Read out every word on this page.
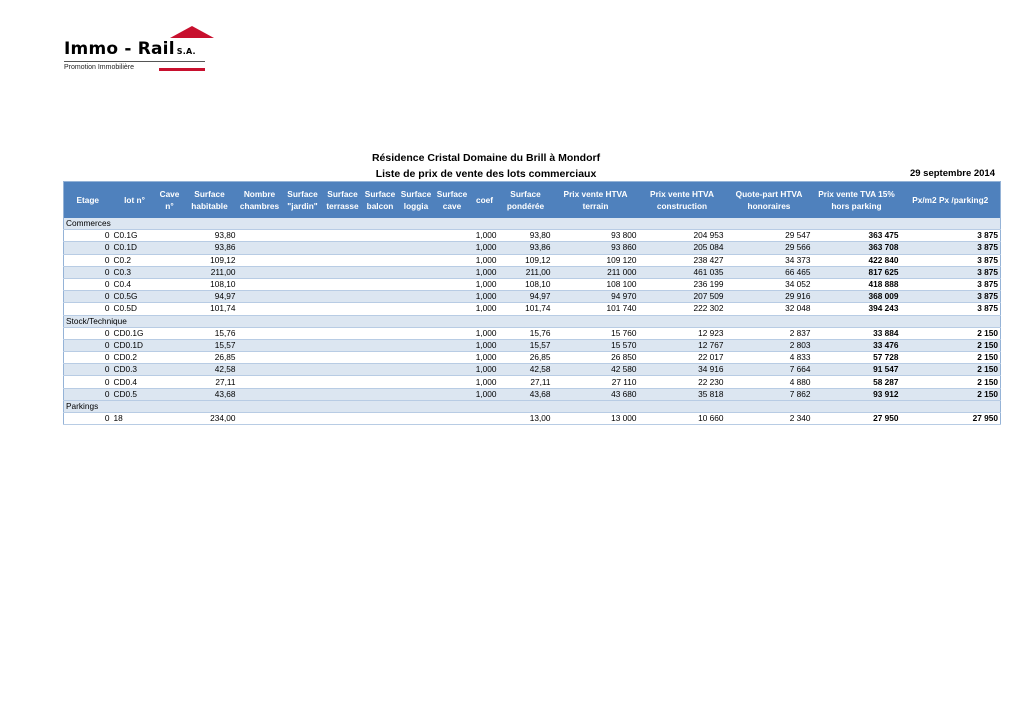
Immo - Rail S.A.
Promotion Immobilière
Résidence Cristal Domaine du Brill à Mondorf
Liste de prix de vente des lots commerciaux	29 septembre 2014
Etage	lot n°	Cave n°	Surface habitable	Nombre chambres	Surface "jardin"	Surface terrasse	Surface balcon	Surface loggia	Surface cave	coef	Surface pondérée	Prix vente HTVA terrain	Prix vente HTVA construction	Quote-part HTVA honoraires	Prix vente TVA 15% hors parking	Px/m2 Px /parking2
Commerces																
0	C0.1G		93,80							1,000	93,80	93 800	204 953	29 547	363 475	3 875
0	C0.1D		93,86							1,000	93,86	93 860	205 084	29 566	363 708	3 875
0	C0.2		109,12							1,000	109,12	109 120	238 427	34 373	422 840	3 875
0	C0.3		211,00							1,000	211,00	211 000	461 035	66 465	817 625	3 875
0	C0.4		108,10							1,000	108,10	108 100	236 199	34 052	418 888	3 875
0	C0.5G		94,97							1,000	94,97	94 970	207 509	29 916	368 009	3 875
0	C0.5D		101,74							1,000	101,74	101 740	222 302	32 048	394 243	3 875
Stock/Technique																
0	CD0.1G		15,76							1,000	15,76	15 760	12 923	2 837	33 884	2 150
0	CD0.1D		15,57							1,000	15,57	15 570	12 767	2 803	33 476	2 150
0	CD0.2		26,85							1,000	26,85	26 850	22 017	4 833	57 728	2 150
0	CD0.3		42,58							1,000	42,58	42 580	34 916	7 664	91 547	2 150
0	CD0.4		27,11							1,000	27,11	27 110	22 230	4 880	58 287	2 150
0	CD0.5		43,68							1,000	43,68	43 680	35 818	7 862	93 912	2 150
Parkings																
0	18		234,00								13,00	13 000	10 660	2 340	27 950	27 950
